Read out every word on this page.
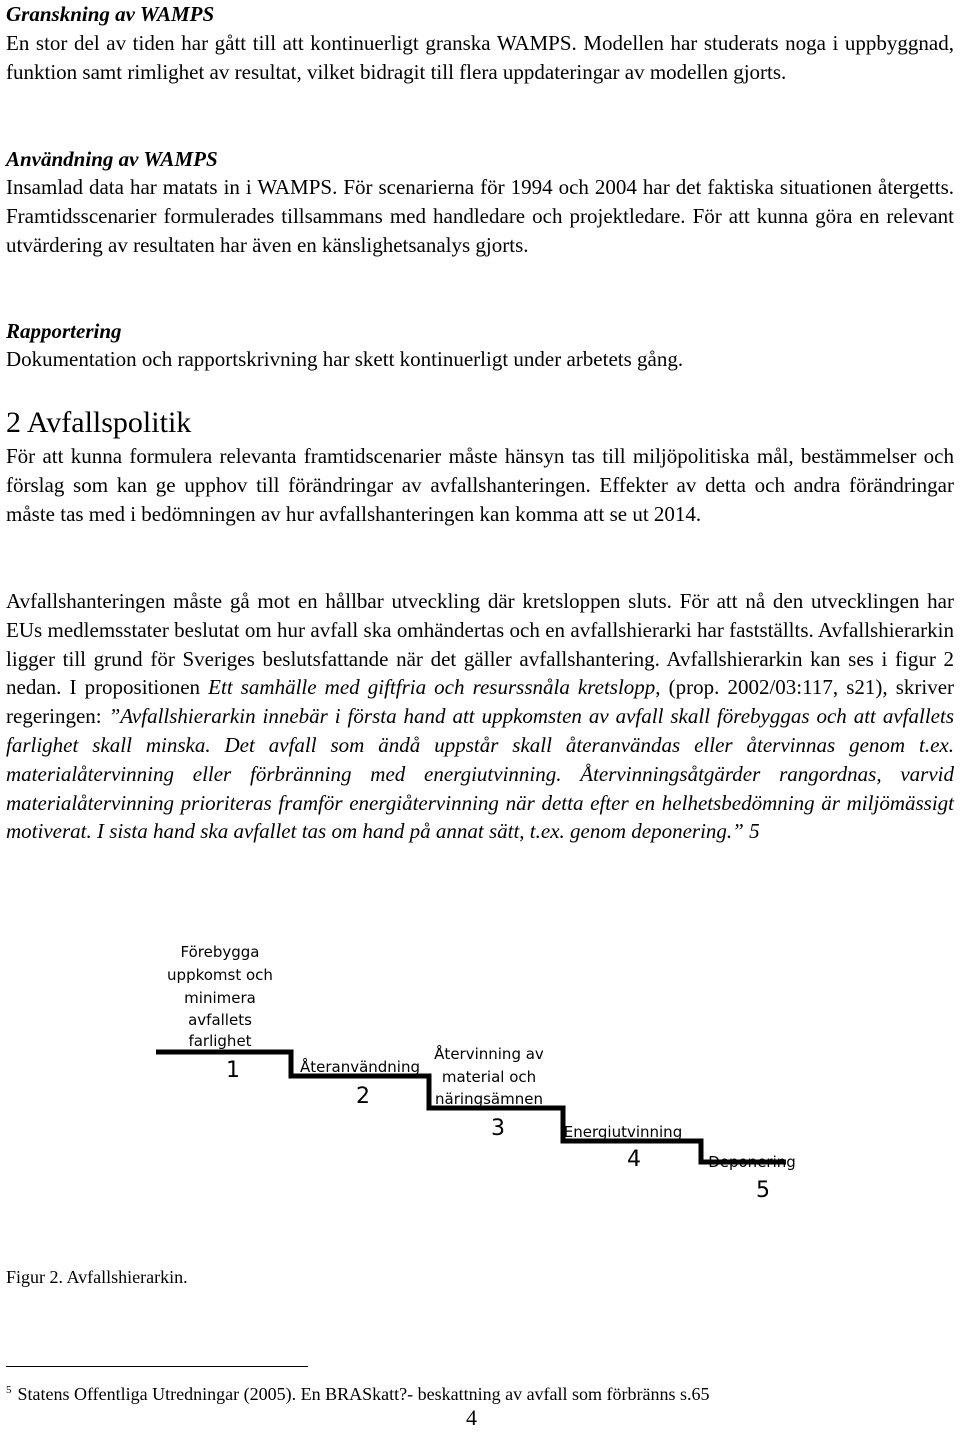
Granskning av WAMPS

En stor del av tiden har gått till att kontinuerligt granska WAMPS. Modellen har studerats noga i uppbyggnad, funktion samt rimlighet av resultat, vilket bidragit till flera uppdateringar av modellen gjorts.

Användning av WAMPS

Insamlad data har matats in i WAMPS. För scenarierna för 1994 och 2004 har det faktiska situationen återgetts. Framtidsscenarier formulerades tillsammans med handledare och projektledare. För att kunna göra en relevant utvärdering av resultaten har även en känslighetsanalys gjorts.

Rapportering

Dokumentation och rapportskrivning har skett kontinuerligt under arbetets gång.

2 Avfallspolitik

För att kunna formulera relevanta framtidscenarier måste hänsyn tas till miljöpolitiska mål, bestämmelser och förslag som kan ge upphov till förändringar av avfallshanteringen. Effekter av detta och andra förändringar måste tas med i bedömningen av hur avfallshanteringen kan komma att se ut 2014.

Avfallshanteringen måste gå mot en hållbar utveckling där kretsloppen sluts. För att nå den utvecklingen har EUs medlemsstater beslutat om hur avfall ska omhändertas och en avfallshierarki har fastställts. Avfallshierarkin ligger till grund för Sveriges beslutsfattande när det gäller avfallshantering. Avfallshierarkin kan ses i figur 2 nedan. I propositionen Ett samhälle med giftfria och resurssnåla kretslopp, (prop. 2002/03:117, s21), skriver regeringen: ”Avfallshierarkin innebär i första hand att uppkomsten av avfall skall förebyggas och att avfallets farlighet skall minska. Det avfall som ändå uppstår skall återanvändas eller återvinnas genom t.ex. materialåtervinning eller förbränning med energiutvinning. Återvinningsåtgärder rangordnas, varvid materialåtervinning prioriteras framför energiåtervinning när detta efter en helhetsbedömning är miljömässigt motiverat. I sista hand ska avfallet tas om hand på annat sätt, t.ex. genom deponering.” 5

Förebygga
uppkomst och
minimera
avfallets
farlighet
1	Återanvändning
2
Återvinning av
material och
näringsämnen
3	Energiutvinning
4	Deponering
5

Figur 2. Avfallshierarkin.

$^5$ Statens Offentliga Utredningar (2005). En BRASkatt?- beskattning av avfall som förbränns s.65

4
